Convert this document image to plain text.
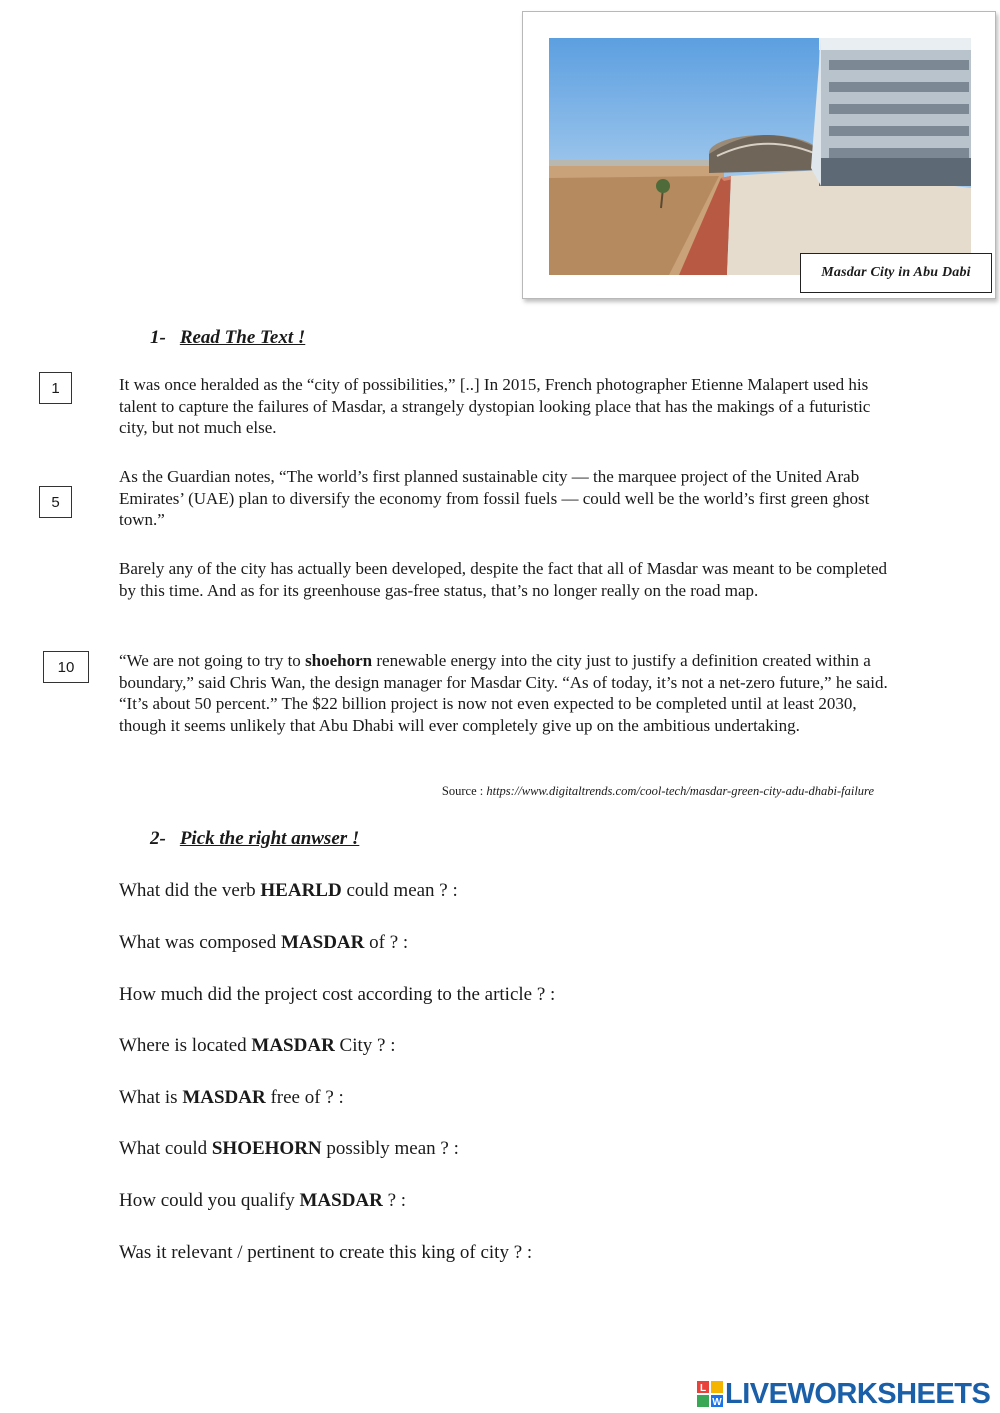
Masdar City in Abu Dabi
1- Read The Text !
1
5
10

It was once heralded as the “city of possibilities,” [..] In 2015, French photographer Etienne Malapert used his talent to capture the failures of Masdar, a strangely dystopian looking place that has the makings of a futuristic city, but not much else.

As the Guardian notes, “The world’s first planned sustainable city — the marquee project of the United Arab Emirates’ (UAE) plan to diversify the economy from fossil fuels — could well be the world’s first green ghost town.”

Barely any of the city has actually been developed, despite the fact that all of Masdar was meant to be completed by this time. And as for its greenhouse gas-free status, that’s no longer really on the road map.

“We are not going to try to shoehorn renewable energy into the city just to justify a definition created within a boundary,” said Chris Wan, the design manager for Masdar City. “As of today, it’s not a net-zero future,” he said. “It’s about 50 percent.” The $22 billion project is now not even expected to be completed until at least 2030, though it seems unlikely that Abu Dhabi will ever completely give up on the ambitious undertaking.

Source : https://www.digitaltrends.com/cool-tech/masdar-green-city-adu-dhabi-failure

2- Pick the right anwser !

What did the verb HEARLD could mean ? :

What was composed MASDAR of ? :

How much did the project cost according to the article ? :

Where is located MASDAR City ? :

What is MASDAR free of ? :

What could SHOEHORN possibly mean ? :

How could you qualify MASDAR ? :

Was it relevant / pertinent to create this king of city ? :

L
W LIVEWORKSHEETS
